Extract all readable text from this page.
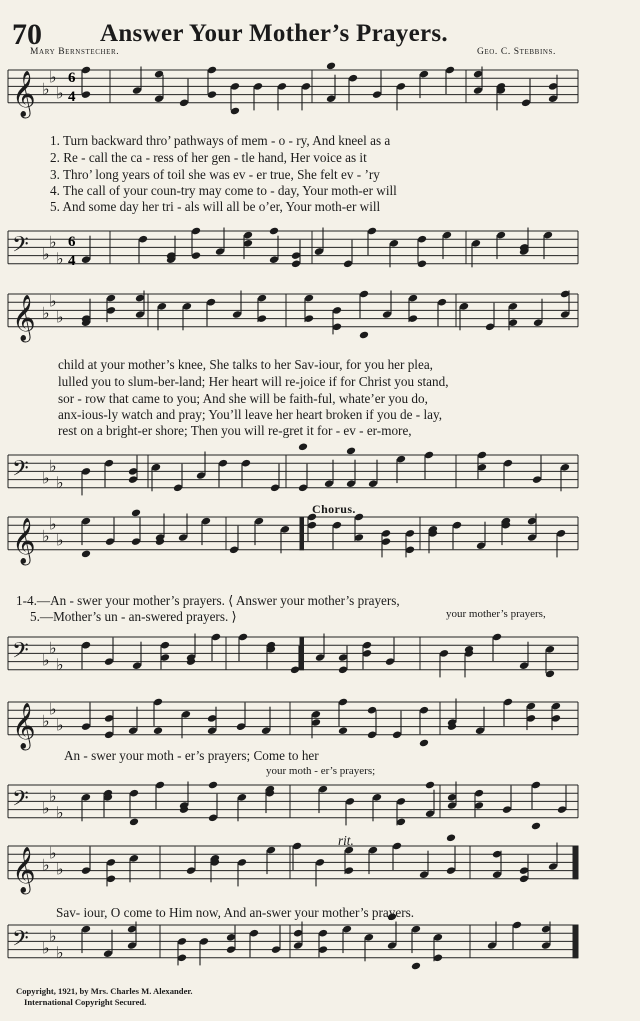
70 Answer Your Mother’s Prayers.
Mary Bernstecher.	Geo. C. Stebbins.
𝄞 ♭
♭
♭
𝄢 ♭
♭
♭
𝄞 ♭
♭
♭
𝄢 ♭
♭
♭
𝄞 ♭
♭
♭
𝄢 ♭
♭
♭
𝄞 ♭
♭
♭
𝄢 ♭
♭
♭
𝄞 ♭
♭
♭
𝄢 ♭
♭
♭
6
4
6
4
1. Turn backward thro’ pathways of mem - o - ry, And kneel as a
2. Re - call the ca - ress of her gen - tle hand, Her voice as it
3. Thro’ long years of toil she was ev - er true, She felt ev - ’ry
4. The call of your coun-try may come to - day, Your moth-er will
5. And some day her tri - als will all be o’er, Your moth-er will
child at your mother’s knee, She talks to her Sav-iour, for you her plea,
lulled you to slum-ber-land; Her heart will re-joice if for Christ you stand,
sor - row that came to you; And she will be faith-ful, whate’er you do,
anx-ious-ly watch and pray; You’ll leave her heart broken if you de - lay,
rest on a bright-er shore; Then you will re-gret it for - ev - er-more,
Chorus.
1-4.—An - swer your mother’s prayers. ⟨ Answer your mother’s prayers,
5.—Mother’s un - an-swered prayers. ⟩	your mother’s prayers,
An - swer your moth - er’s prayers; Come to her
your moth - er’s prayers;
rit.
Sav- iour, O come to Him now, And an-swer your mother’s prayers.
Copyright, 1921, by Mrs. Charles M. Alexander.
International Copyright Secured.
